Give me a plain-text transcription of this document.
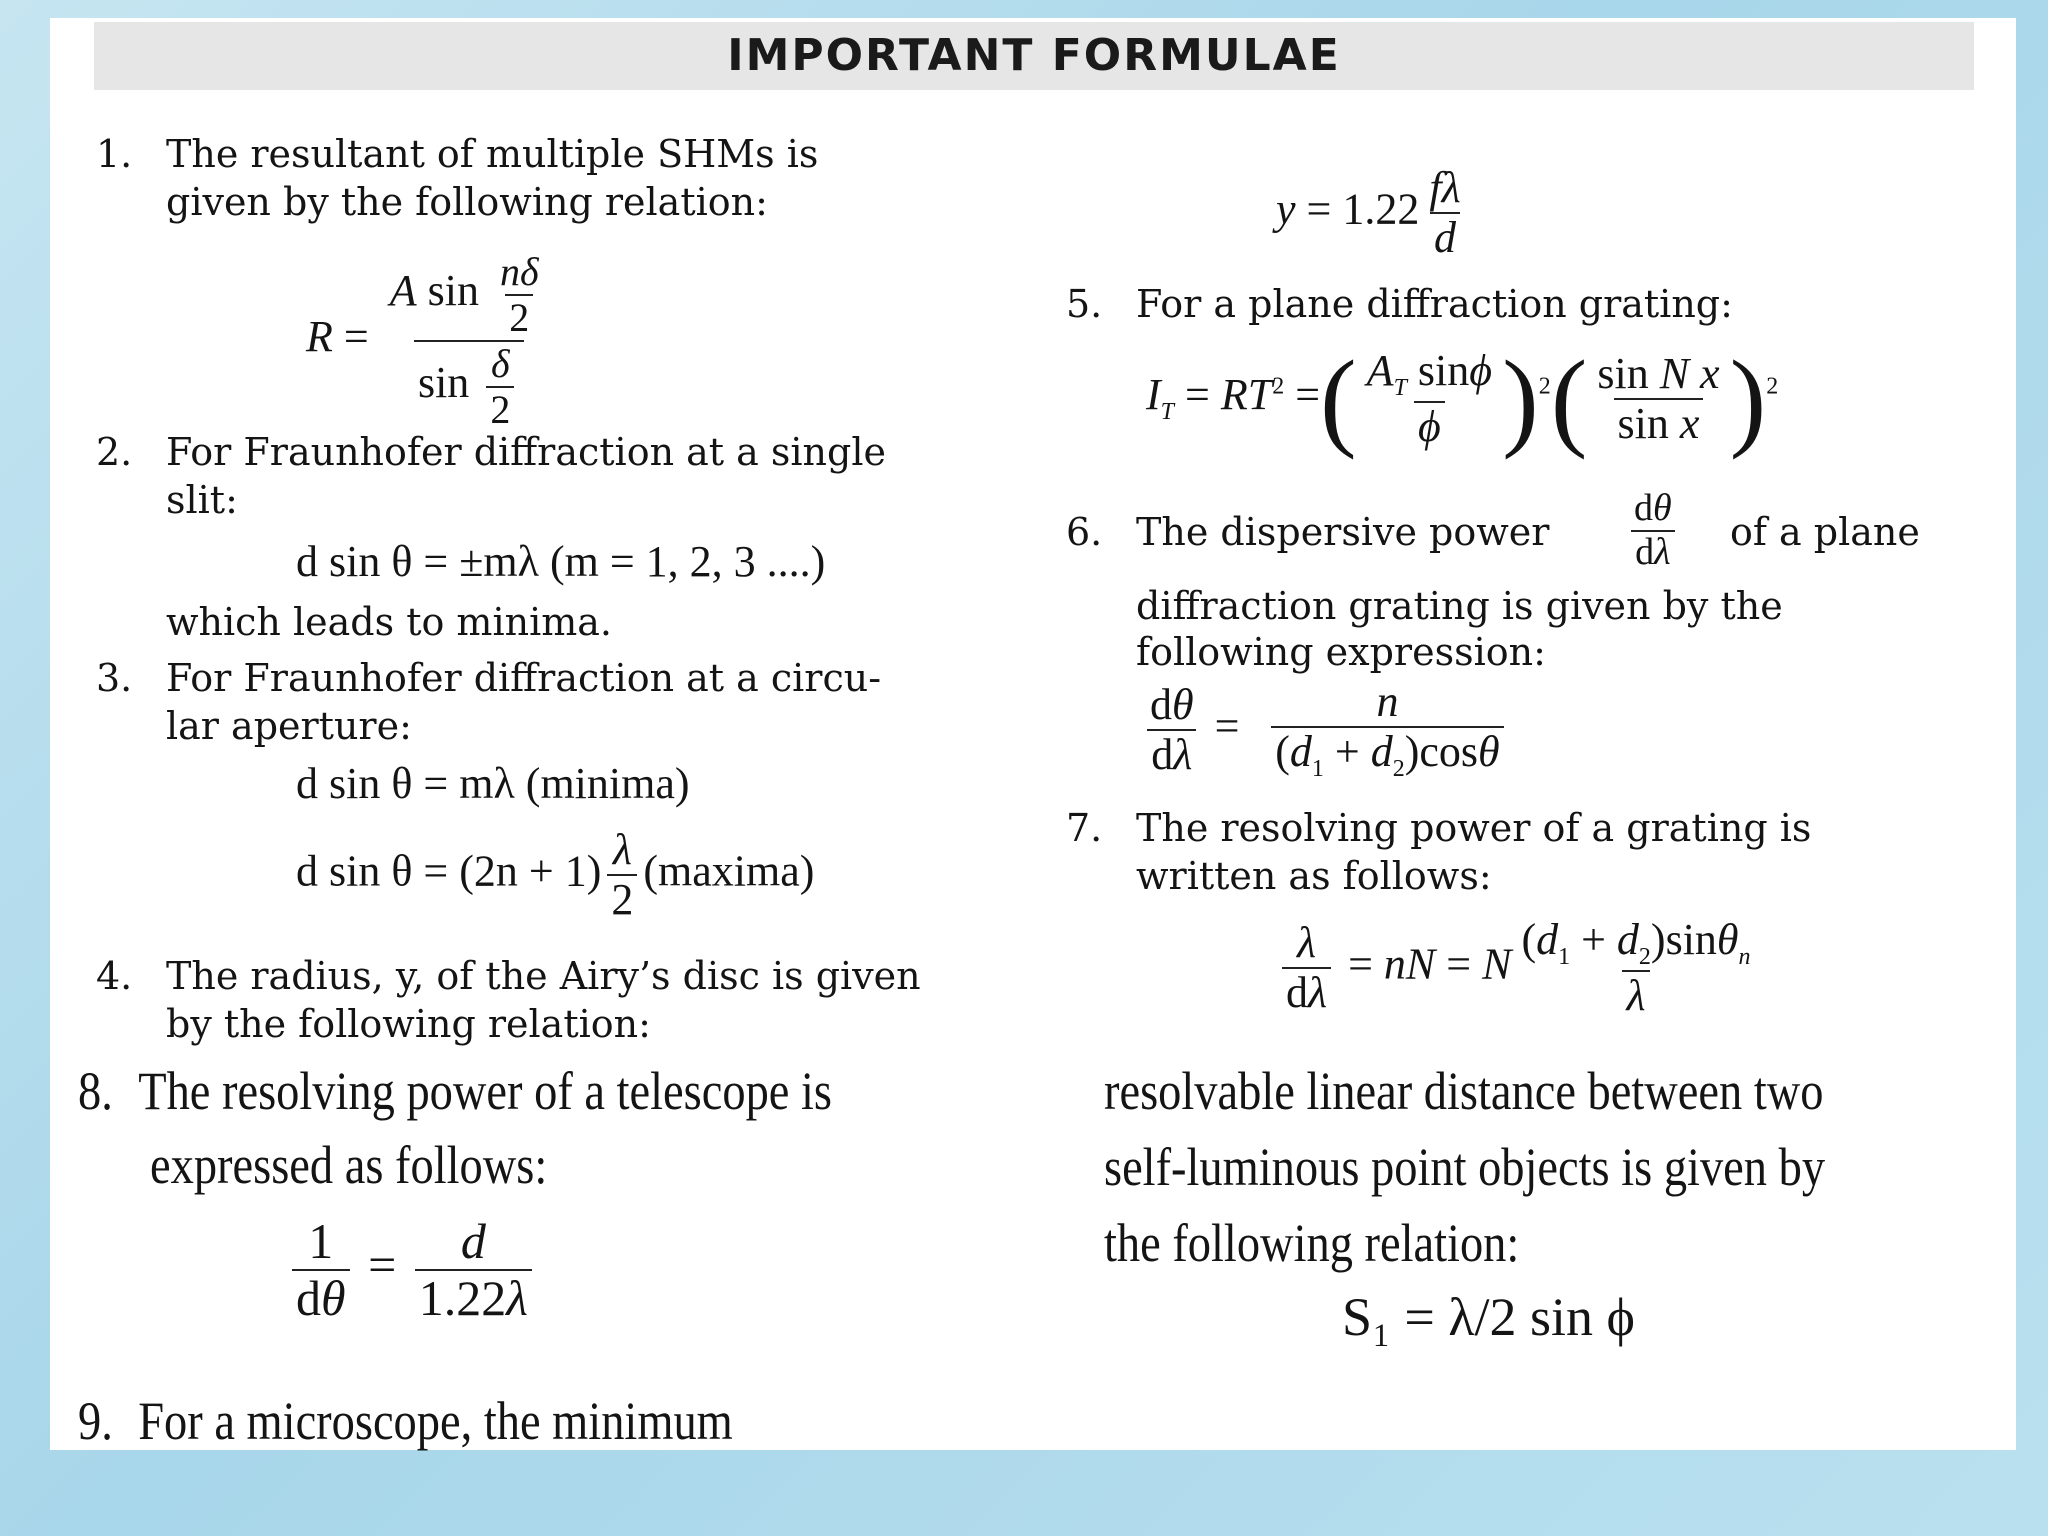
IMPORTANT FORMULAE
1. The resultant of multiple SHMs is
given by the following relation:
$R = \frac{A \sin \frac{n\delta}{2}}{\sin \frac{\delta}{2}}$
2. For Fraunhofer diffraction at a single
slit:
d sin θ = ±mλ (m = 1, 2, 3 ....)
which leads to minima.
3. For Fraunhofer diffraction at a circu-
lar aperture:
d sin θ = mλ (minima)
d $\sin \theta = (2n + 1) \frac{\lambda}{2}$ (maxima)
4. The radius, y, of the Airy’s disc is given
by the following relation:
$y = 1.22 \frac{f\lambda}{d}$
5. For a plane diffraction grating:
$I_T = RT^2$ =( $\frac{A_T \sin\phi}{\phi} )^2( \frac{\text{sin N x}}{\text{sin x}} )^2$
6. The dispersive power $\frac{d\theta}{d\lambda}$ of a plane
diffraction grating is given by the
following expression:
$\frac{d\theta}{d\lambda} = \frac{n}{(d_1 + d_2)\cos\theta}$
7. The resolving power of a grating is
written as follows:
$\frac{\lambda}{d\lambda}$ = nN = N $\frac{(d_1 + d_2)\sin\theta_n}{\lambda}$
8. The resolving power of a telescope is
expressed as follows:
$\frac{1}{d\theta} = \frac{d}{1.22\lambda}$
9. For a microscope, the minimum
resolvable linear distance between two
self-luminous point objects is given by
the following relation:
S₁ = λ/2 sin ϕ
